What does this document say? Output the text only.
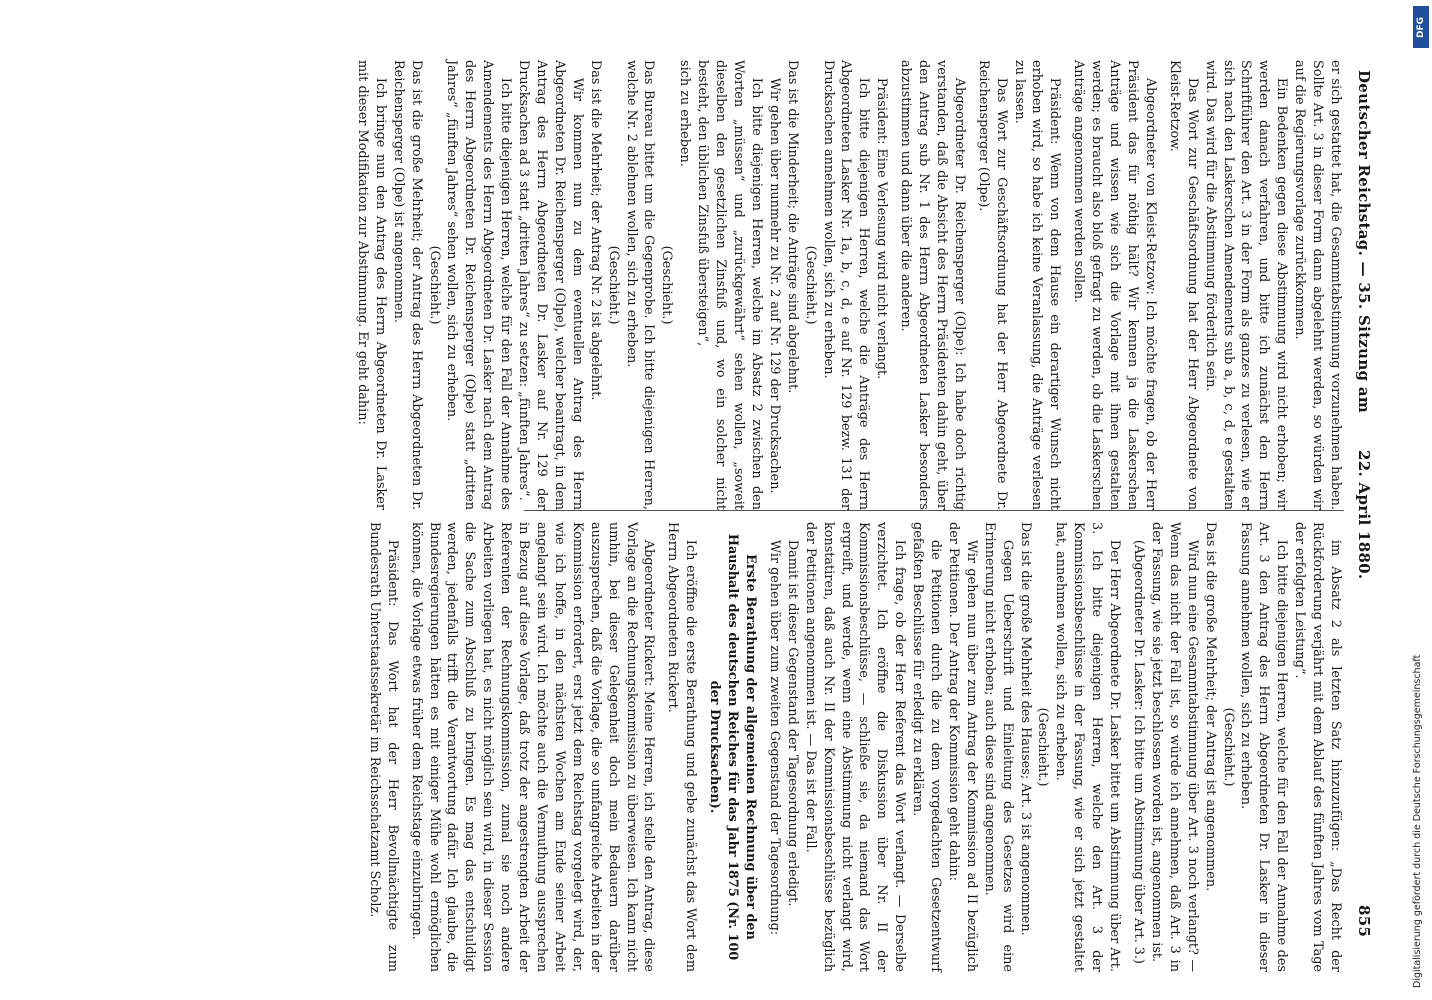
Deutscher Reichstag. — 35. Sitzung am
22. April 1880.
855

er sich gestattet hat, die Gesammtabstimmung vorzunehmen haben. Sollte Art. 3 in dieser Form dann abgelehnt werden, so würden wir auf die Regierungsvorlage zurückkommen.

Ein Bedenken gegen diese Abstimmung wird nicht erhoben; wir werden danach verfahren, und bitte ich zunächst den Herrn Schriftführer den Art. 3 in der Form als ganzes zu verlesen, wie er sich nach den Laskerschen Amendements sub a, b, c, d, e gestalten wird. Das wird für die Abstimmung förderlich sein.

Das Wort zur Geschäftsordnung hat der Herr Abgeordnete von Kleist-Retzow.

Abgeordneter von Kleist-Retzow: Ich möchte fragen, ob der Herr Präsident das für nöthig hält? Wir kennen ja die Laskerschen Anträge und wissen wie sich die Vorlage mit ihnen gestalten werden; es braucht also bloß gefragt zu werden, ob die Laskerschen Anträge angenommen werden sollen.

Präsident: Wenn von dem Hause ein derartiger Wunsch nicht erhoben wird, so habe ich keine Veranlassung, die Anträge verlesen zu lassen.

Das Wort zur Geschäftsordnung hat der Herr Abgeordnete Dr. Reichensperger (Olpe).

Abgeordneter Dr. Reichensperger (Olpe): Ich habe doch richtig verstanden, daß die Absicht des Herrn Präsidenten dahin geht, über den Antrag sub Nr. 1 des Herrn Abgeordneten Lasker besonders abzustimmen und dann über die anderen.

Präsident: Eine Verlesung wird nicht verlangt.

Ich bitte diejenigen Herren, welche die Anträge des Herrn Abgeordneten Lasker Nr. 1a, b, c, d, e auf Nr. 129 bezw. 131 der Drucksachen annehmen wollen, sich zu erheben.

(Geschieht.)

Das ist die Minderheit; die Anträge sind abgelehnt.

Wir gehen über nunmehr zu Nr. 2 auf Nr. 129 der Drucksachen.

Ich bitte diejenigen Herren, welche im Absatz 2 zwischen den Worten „müssen“ und „zurückgewährt“ sehen wollen, „soweit dieselben den gesetzlichen Zinsfuß und, wo ein solcher nicht besteht, den üblichen Zinsfuß übersteigen“,

sich zu erheben.

(Geschieht.)

Das Bureau bittet um die Gegenprobe. Ich bitte diejenigen Herren, welche Nr. 2 ablehnen wollen, sich zu erheben.

(Geschieht.)

Das ist die Mehrheit; der Antrag Nr. 2 ist abgelehnt.

Wir kommen nun zu dem eventuellen Antrag des Herrn Abgeordneten Dr. Reichensperger (Olpe), welcher beantragt, in dem Antrag des Herrn Abgeordneten Dr. Lasker auf Nr. 129 der Drucksachen ad 3 statt „dritten Jahres“ zu setzen: „fünften Jahres“.

Ich bitte diejenigen Herren, welche für den Fall der Annahme des Amendements des Herrn Abgeordneten Dr. Lasker nach dem Antrag des Herrn Abgeordneten Dr. Reichensperger (Olpe) statt „dritten Jahres“ „fünften Jahres“ sehen wollen, sich zu erheben.

(Geschieht.)

Das ist die große Mehrheit; der Antrag des Herrn Abgeordneten Dr. Reichensperger (Olpe) ist angenommen.

Ich bringe nun den Antrag des Herrn Abgeordneten Dr. Lasker mit dieser Modifikation zur Abstimmung. Er geht dahin:

im Absatz 2 als letzten Satz hinzuzufügen: „Das Recht der Rückforderung verjährt mit dem Ablauf des fünften Jahres vom Tage der erfolgten Leistung“.

Ich bitte diejenigen Herren, welche für den Fall der Annahme des Art. 3 den Antrag des Herrn Abgeordneten Dr. Lasker in dieser Fassung annehmen wollen, sich zu erheben.

(Geschieht.)

Das ist die große Mehrheit; der Antrag ist angenommen.

Wird nun eine Gesammtabstimmung über Art. 3 noch verlangt? — Wenn das nicht der Fall ist, so würde ich annehmen, daß Art. 3 in der Fassung, wie sie jetzt beschlossen worden ist, angenommen ist.

(Abgeordneter Dr. Lasker: Ich bitte um Abstimmung über Art. 3.)

Der Herr Abgeordnete Dr. Lasker bittet um Abstimmung über Art. 3. Ich bitte diejenigen Herren, welche den Art. 3 der Kommissionsbeschlüsse in der Fassung, wie er sich jetzt gestaltet hat, annehmen wollen, sich zu erheben.

(Geschieht.)

Das ist die große Mehrheit des Hauses; Art. 3 ist angenommen.

Gegen Ueberschrift und Einleitung des Gesetzes wird eine Erinnerung nicht erhoben; auch diese sind angenommen.

Wir gehen nun über zum Antrag der Kommission ad II bezüglich der Petitionen. Der Antrag der Kommission geht dahin:

die Petitionen durch die zu dem vorgedachten Gesetzentwurf gefaßten Beschlüsse für erledigt zu erklären.

Ich frage, ob der Herr Referent das Wort verlangt. — Derselbe verzichtet. Ich eröffne die Diskussion über Nr. II der Kommissionsbeschlüsse, — schließe sie, da niemand das Wort ergreift, und werde, wenn eine Abstimmung nicht verlangt wird, konstatiren, daß auch Nr. II der Kommissionsbeschlüsse bezüglich der Petitionen angenommen ist. — Das ist der Fall.

Damit ist dieser Gegenstand der Tagesordnung erledigt.

Wir gehen über zum zweiten Gegenstand der Tagesordnung:

Erste Berathung der allgemeinen Rechnung über den Haushalt des deutschen Reiches für das Jahr 1875 (Nr. 100 der Drucksachen).

Ich eröffne die erste Berathung und gebe zunächst das Wort dem Herrn Abgeordneten Rickert.

Abgeordneter Rickert: Meine Herren, ich stelle den Antrag, diese Vorlage an die Rechnungskommission zu überweisen. Ich kann nicht umhin, bei dieser Gelegenheit doch mein Bedauern darüber auszusprechen, daß die Vorlage, die so umfangreiche Arbeiten in der Kommission erfordert, erst jetzt dem Reichstag vorgelegt wird, der, wie ich hoffe, in den nächsten Wochen am Ende seiner Arbeit angelangt sein wird. Ich möchte auch die Vermuthung aussprechen in Bezug auf diese Vorlage, daß trotz der angestrengten Arbeit der Referenten der Rechnungskommission, zumal sie noch andere Arbeiten vorliegen hat, es nicht möglich sein wird, in dieser Session die Sache zum Abschluß zu bringen. Es mag das entschuldigt werden, jedenfalls trifft die Verantwortung dafür. Ich glaube, die Bundesregierungen hätten es mit einiger Mühe wohl ermöglichen können, die Vorlage etwas früher dem Reichstage einzubringen.

Präsident: Das Wort hat der Herr Bevollmächtigte zum Bundesrath Unterstaatssekretär im Reichsschatzamt Scholz.

DFG
Digitalisierung gefördert durch die Deutsche Forschungsgemeinschaft
